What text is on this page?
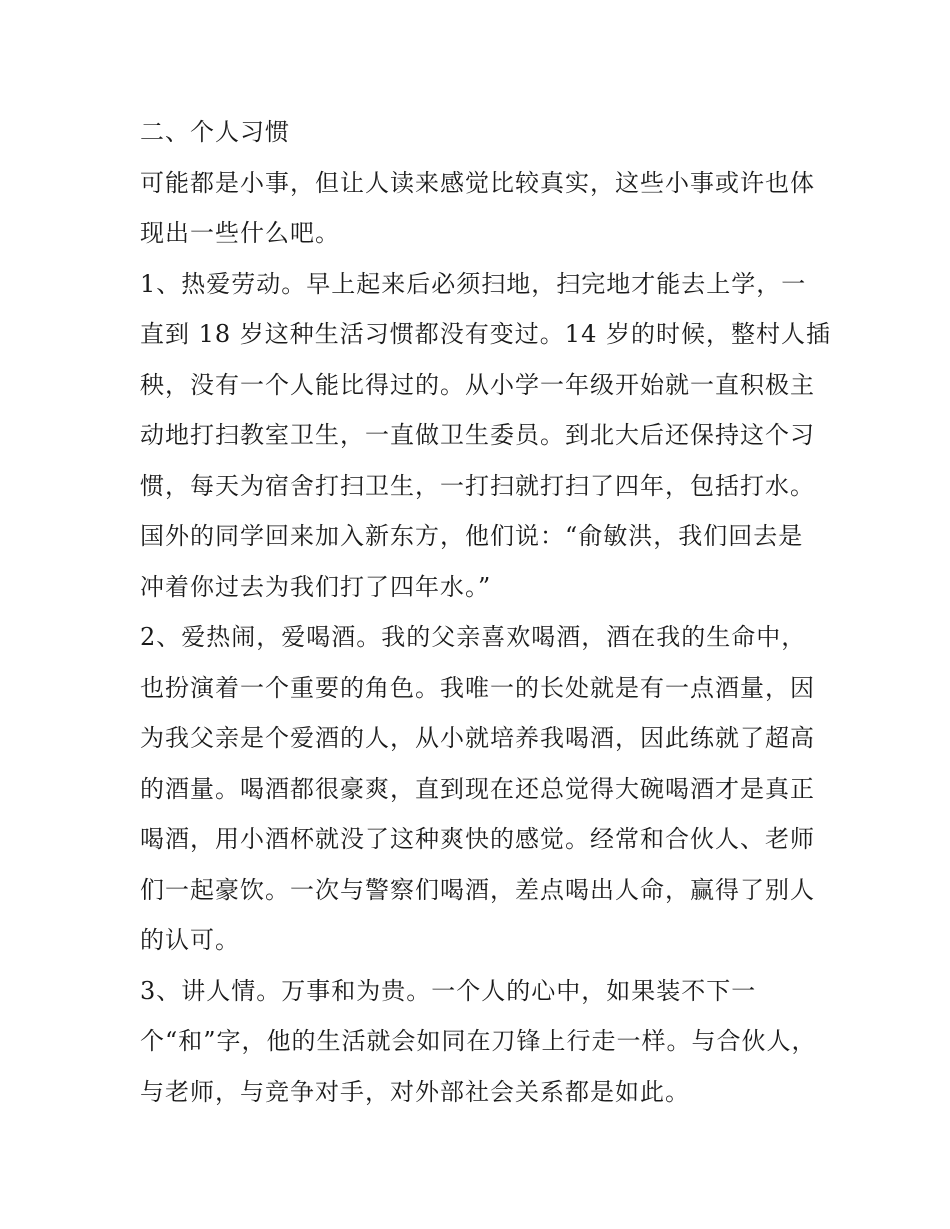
二、个人习惯
可能都是小事，但让人读来感觉比较真实，这些小事或许也体
现出一些什么吧。
1、热爱劳动。早上起来后必须扫地，扫完地才能去上学，一
直到 18 岁这种生活习惯都没有变过。14 岁的时候，整村人插
秧，没有一个人能比得过的。从小学一年级开始就一直积极主
动地打扫教室卫生，一直做卫生委员。到北大后还保持这个习
惯，每天为宿舍打扫卫生，一打扫就打扫了四年，包括打水。
国外的同学回来加入新东方，他们说：“俞敏洪，我们回去是
冲着你过去为我们打了四年水。”
2、爱热闹，爱喝酒。我的父亲喜欢喝酒，酒在我的生命中，
也扮演着一个重要的角色。我唯一的长处就是有一点酒量，因
为我父亲是个爱酒的人，从小就培养我喝酒，因此练就了超高
的酒量。喝酒都很豪爽，直到现在还总觉得大碗喝酒才是真正
喝酒，用小酒杯就没了这种爽快的感觉。经常和合伙人、老师
们一起豪饮。一次与警察们喝酒，差点喝出人命，赢得了别人
的认可。
3、讲人情。万事和为贵。一个人的心中，如果装不下一
个“和”字，他的生活就会如同在刀锋上行走一样。与合伙人，
与老师，与竞争对手，对外部社会关系都是如此。
